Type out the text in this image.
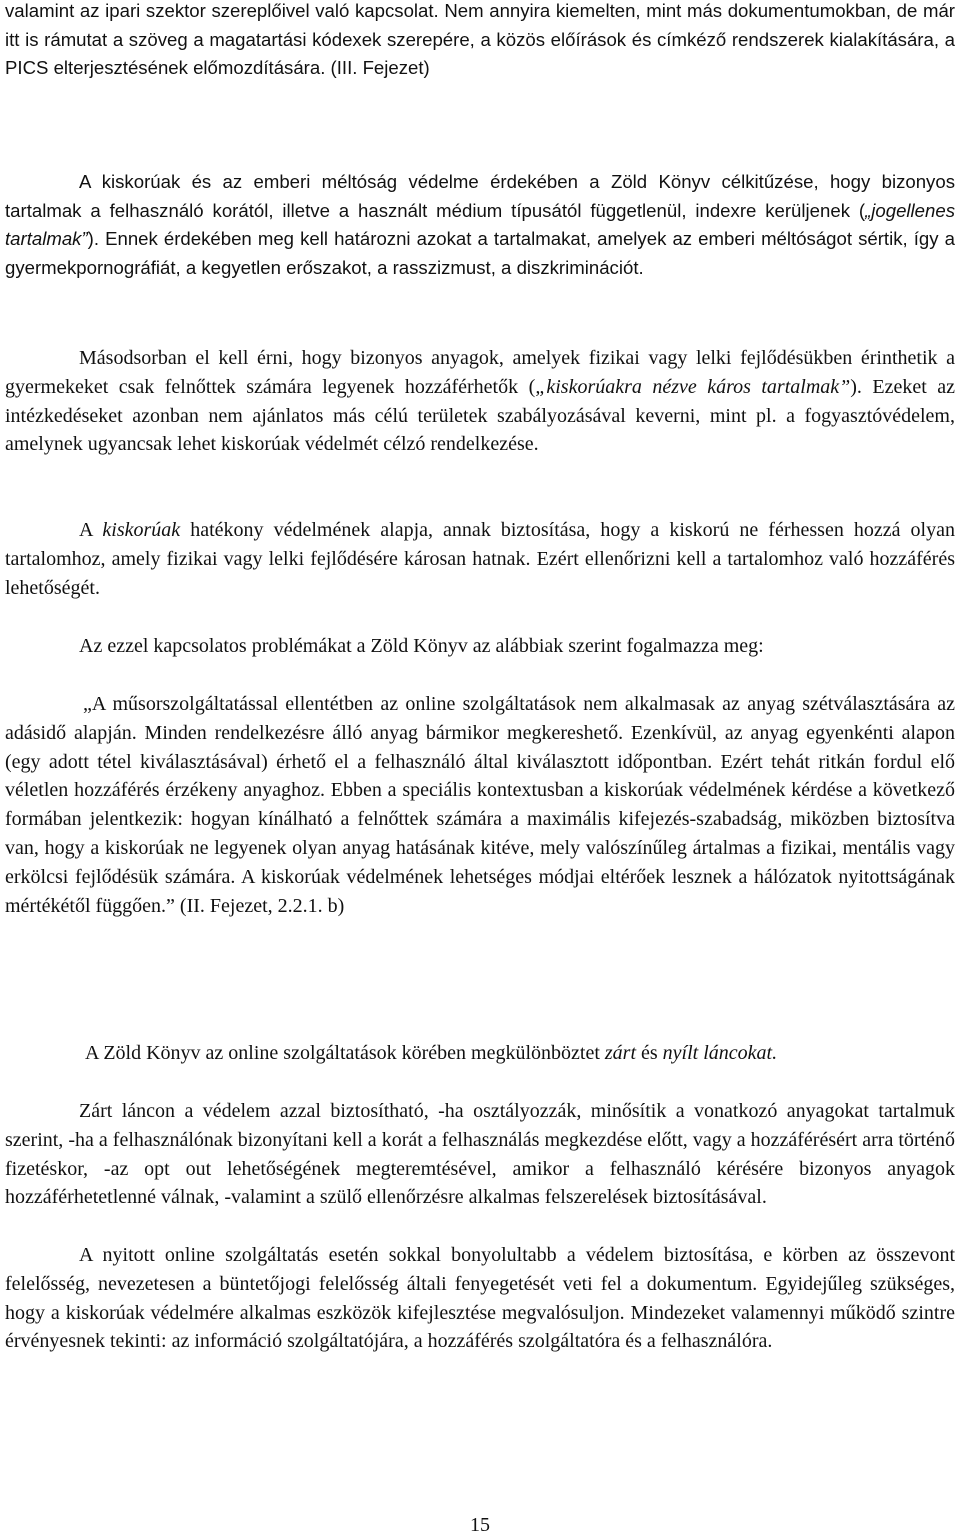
valamint az ipari szektor szereplőivel való kapcsolat. Nem annyira kiemelten, mint más dokumentumokban, de már itt is rámutat a szöveg a magatartási kódexek szerepére, a közös előírások és címkéző rendszerek kialakítására, a PICS elterjesztésének előmozdítására. (III. Fejezet)

A kiskorúak és az emberi méltóság védelme érdekében a Zöld Könyv célkitűzése, hogy bizonyos tartalmak a felhasználó korától, illetve a használt médium típusától függetlenül, indexre kerüljenek („jogellenes tartalmak”). Ennek érdekében meg kell határozni azokat a tartalmakat, amelyek az emberi méltóságot sértik, így a gyermekpornográfiát, a kegyetlen erőszakot, a rasszizmust, a diszkriminációt.

Másodsorban el kell érni, hogy bizonyos anyagok, amelyek fizikai vagy lelki fejlődésükben érinthetik a gyermekeket csak felnőttek számára legyenek hozzáférhetők („kiskorúakra nézve káros tartalmak”). Ezeket az intézkedéseket azonban nem ajánlatos más célú területek szabályozásával keverni, mint pl. a fogyasztóvédelem, amelynek ugyancsak lehet kiskorúak védelmét célzó rendelkezése.

A kiskorúak hatékony védelmének alapja, annak biztosítása, hogy a kiskorú ne férhessen hozzá olyan tartalomhoz, amely fizikai vagy lelki fejlődésére károsan hatnak. Ezért ellenőrizni kell a tartalomhoz való hozzáférés lehetőségét.

Az ezzel kapcsolatos problémákat a Zöld Könyv az alábbiak szerint fogalmazza meg:

„A műsorszolgáltatással ellentétben az online szolgáltatások nem alkalmasak az anyag szétválasztására az adásidő alapján. Minden rendelkezésre álló anyag bármikor megkereshető. Ezenkívül, az anyag egyenkénti alapon (egy adott tétel kiválasztásával) érhető el a felhasználó által kiválasztott időpontban. Ezért tehát ritkán fordul elő véletlen hozzáférés érzékeny anyaghoz. Ebben a speciális kontextusban a kiskorúak védelmének kérdése a következő formában jelentkezik: hogyan kínálható a felnőttek számára a maximális kifejezés-szabadság, miközben biztosítva van, hogy a kiskorúak ne legyenek olyan anyag hatásának kitéve, mely valószínűleg ártalmas a fizikai, mentális vagy erkölcsi fejlődésük számára. A kiskorúak védelmének lehetséges módjai eltérőek lesznek a hálózatok nyitottságának mértékétől függően.” (II. Fejezet, 2.2.1. b)

A Zöld Könyv az online szolgáltatások körében megkülönböztet zárt és nyílt láncokat.

Zárt láncon a védelem azzal biztosítható, -ha osztályozzák, minősítik a vonatkozó anyagokat tartalmuk szerint, -ha a felhasználónak bizonyítani kell a korát a felhasználás megkezdése előtt, vagy a hozzáférésért arra történő fizetéskor, -az opt out lehetőségének megteremtésével, amikor a felhasználó kérésére bizonyos anyagok hozzáférhetetlenné válnak, -valamint a szülő ellenőrzésre alkalmas felszerelések biztosításával.

A nyitott online szolgáltatás esetén sokkal bonyolultabb a védelem biztosítása, e körben az összevont felelősség, nevezetesen a büntetőjogi felelősség általi fenyegetését veti fel a dokumentum. Egyidejűleg szükséges, hogy a kiskorúak védelmére alkalmas eszközök kifejlesztése megvalósuljon. Mindezeket valamennyi működő szintre érvényesnek tekinti: az információ szolgáltatójára, a hozzáférés szolgáltatóra és a felhasználóra.

15
